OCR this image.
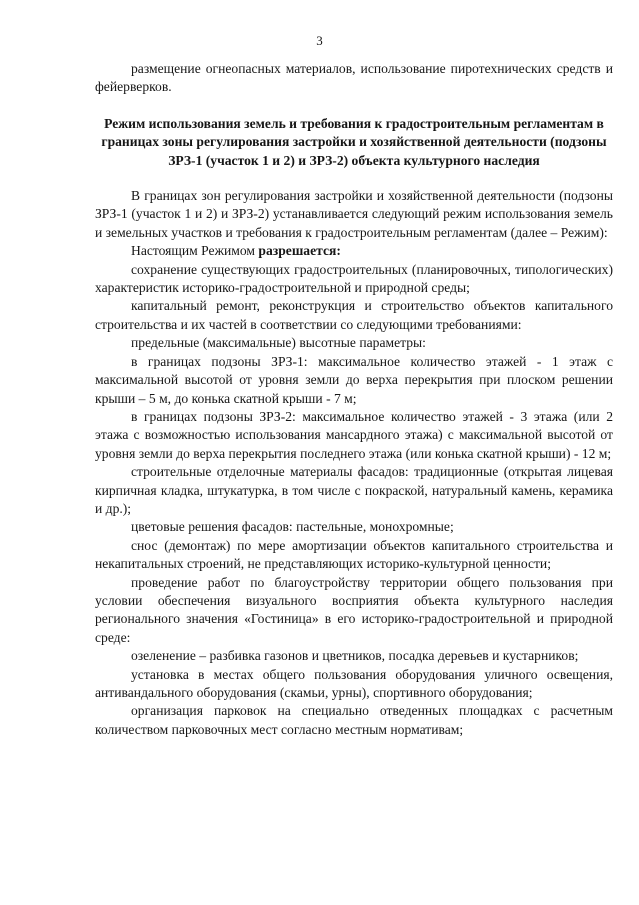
3

размещение огнеопасных материалов, использование пиротехнических средств и фейерверков.

Режим использования земель и требования к градостроительным регламентам в границах зоны регулирования застройки и хозяйственной деятельности (подзоны ЗРЗ-1 (участок 1 и 2) и ЗРЗ-2) объекта культурного наследия

В границах зон регулирования застройки и хозяйственной деятельности (подзоны ЗРЗ-1 (участок 1 и 2) и ЗРЗ-2) устанавливается следующий режим использования земель и земельных участков и требования к градостроительным регламентам (далее – Режим):

Настоящим Режимом разрешается:

сохранение существующих градостроительных (планировочных, типологических) характеристик историко-градостроительной и природной среды;

капитальный ремонт, реконструкция и строительство объектов капитального строительства и их частей в соответствии со следующими требованиями:

предельные (максимальные) высотные параметры:

в границах подзоны ЗРЗ-1: максимальное количество этажей - 1 этаж с максимальной высотой от уровня земли до верха перекрытия при плоском решении крыши – 5 м, до конька скатной крыши - 7 м;

в границах подзоны ЗРЗ-2: максимальное количество этажей - 3 этажа (или 2 этажа с возможностью использования мансардного этажа) с максимальной высотой от уровня земли до верха перекрытия последнего этажа (или конька скатной крыши) - 12 м;

строительные отделочные материалы фасадов: традиционные (открытая лицевая кирпичная кладка, штукатурка, в том числе с покраской, натуральный камень, керамика и др.);

цветовые решения фасадов: пастельные, монохромные;

снос (демонтаж) по мере амортизации объектов капитального строительства и некапитальных строений, не представляющих историко-культурной ценности;

проведение работ по благоустройству территории общего пользования при условии обеспечения визуального восприятия объекта культурного наследия регионального значения «Гостиница» в его историко-градостроительной и природной среде:

озеленение – разбивка газонов и цветников, посадка деревьев и кустарников;

установка в местах общего пользования оборудования уличного освещения, антивандального оборудования (скамьи, урны), спортивного оборудования;

организация парковок на специально отведенных площадках с расчетным количеством парковочных мест согласно местным нормативам;
